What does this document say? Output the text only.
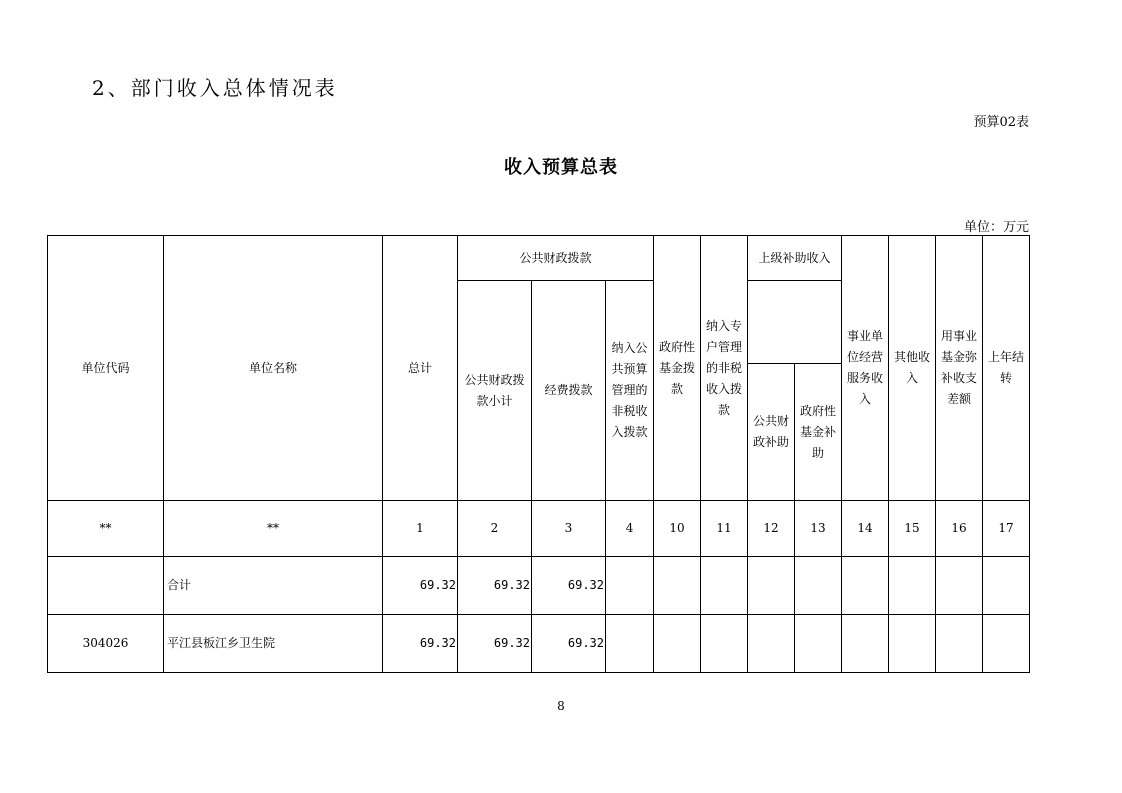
2、部门收入总体情况表
预算02表
收入预算总表
单位：万元
单位代码	单位名称	总计	公共财政拨款			政府性基金拨款	纳入专户管理的非税收入拨款	上级补助收入		事业单位经营服务收入	其他收入	用事业基金弥补收支差额	上年结转
			公共财政拨款小计	经费拨款	纳入公共预算管理的非税收入拨款								
								公共财政补助	政府性基金补助				
**	**	1	2	3	4	10	11	12	13	14	15	16	17
	合计	69.32	69.32	69.32									
304026	平江县板江乡卫生院	69.32	69.32	69.32									
8
